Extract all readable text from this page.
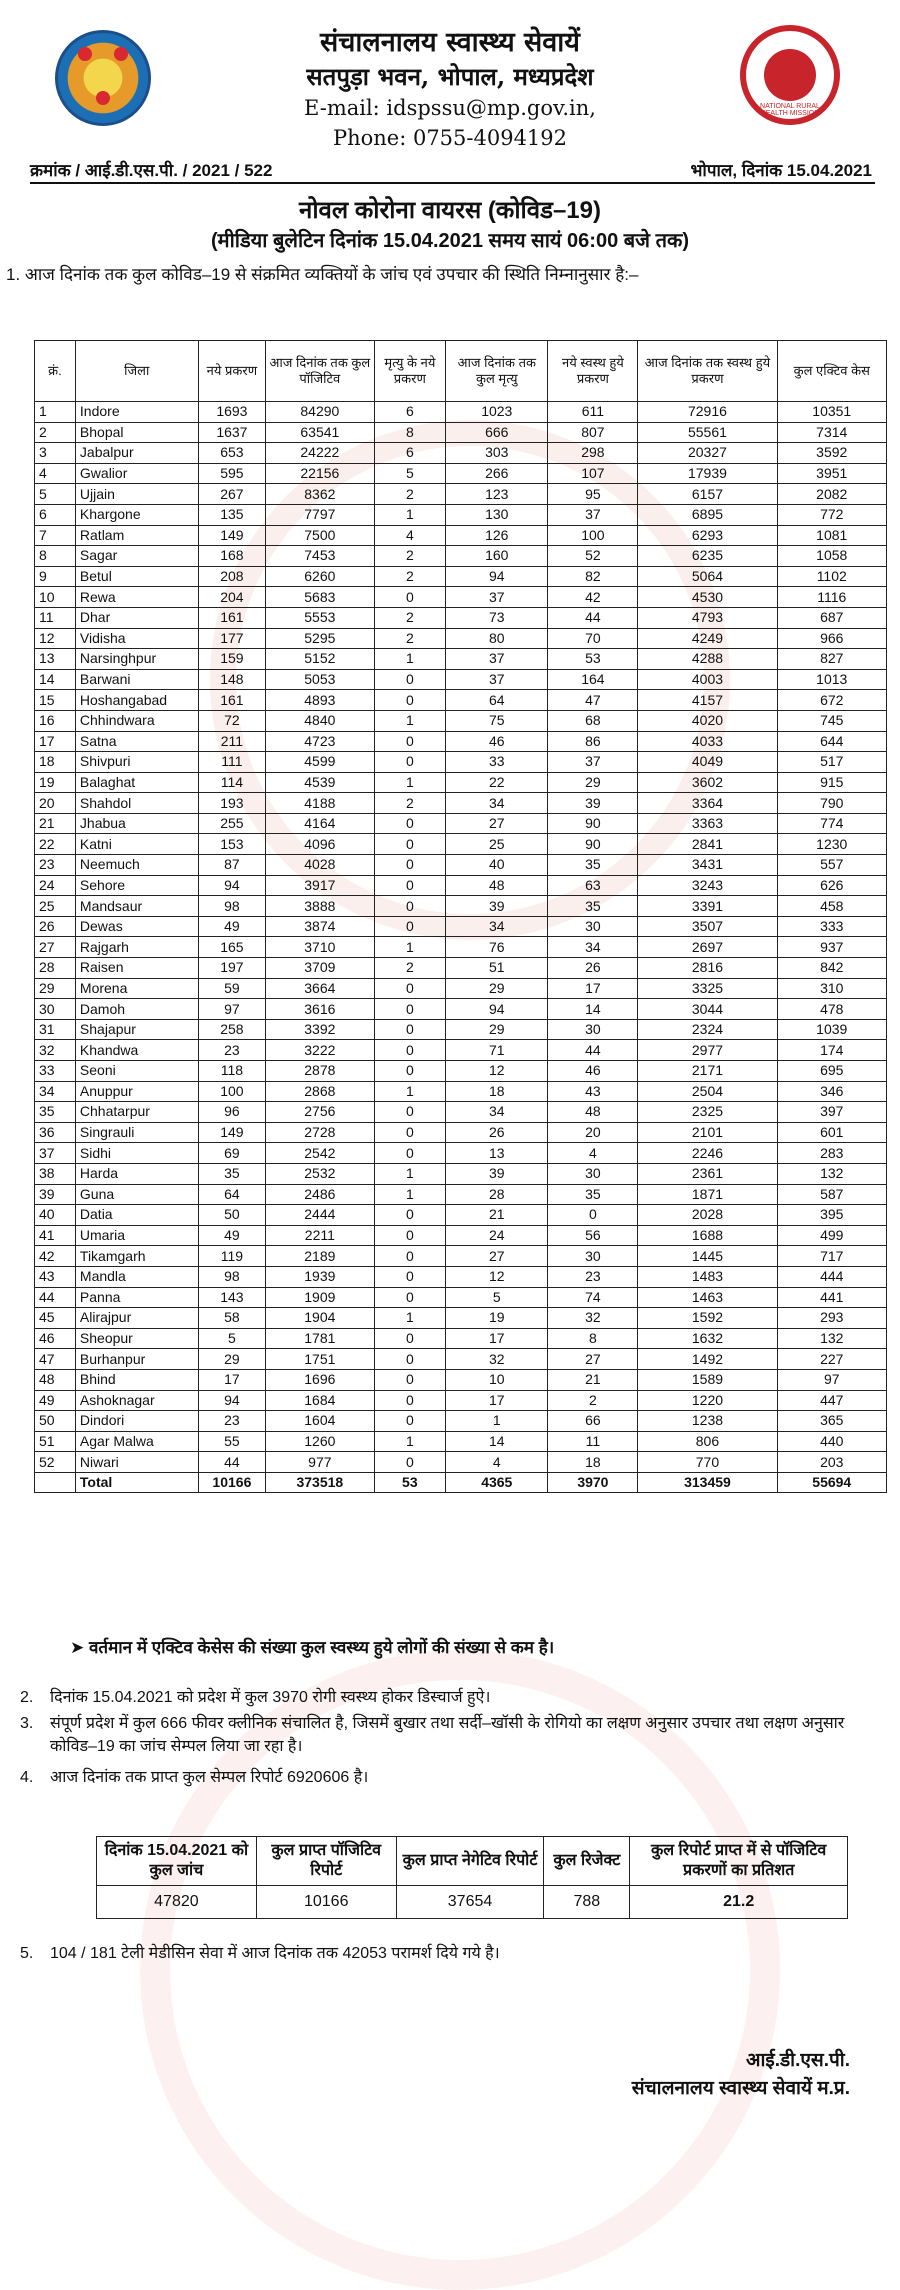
संचालनालय स्वास्थ्य सेवायें
सतपुड़ा भवन, भोपाल, मध्यप्रदेश
E-mail: idspssu@mp.gov.in,
Phone: 0755-4094192
NATIONAL RURAL HEALTH MISSION
क्रमांक / आई.डी.एस.पी. / 2021 / 522	भोपाल, दिनांक 15.04.2021
नोवल कोरोना वायरस (कोविड–19)
(मीडिया बुलेटिन दिनांक 15.04.2021 समय सायं 06:00 बजे तक)
1. आज दिनांक तक कुल कोविड–19 से संक्रमित व्यक्तियों के जांच एवं उपचार की स्थिति निम्नानुसार है:–
क्रं.	जिला	नये प्रकरण	आज दिनांक तक कुल पॉजिटिव	मृत्यु के नये प्रकरण	आज दिनांक तक कुल मृत्यु	नये स्वस्थ हुये प्रकरण	आज दिनांक तक स्वस्थ हुये प्रकरण	कुल एक्टिव केस
1	Indore	1693	84290	6	1023	611	72916	10351
2	Bhopal	1637	63541	8	666	807	55561	7314
3	Jabalpur	653	24222	6	303	298	20327	3592
4	Gwalior	595	22156	5	266	107	17939	3951
5	Ujjain	267	8362	2	123	95	6157	2082
6	Khargone	135	7797	1	130	37	6895	772
7	Ratlam	149	7500	4	126	100	6293	1081
8	Sagar	168	7453	2	160	52	6235	1058
9	Betul	208	6260	2	94	82	5064	1102
10	Rewa	204	5683	0	37	42	4530	1116
11	Dhar	161	5553	2	73	44	4793	687
12	Vidisha	177	5295	2	80	70	4249	966
13	Narsinghpur	159	5152	1	37	53	4288	827
14	Barwani	148	5053	0	37	164	4003	1013
15	Hoshangabad	161	4893	0	64	47	4157	672
16	Chhindwara	72	4840	1	75	68	4020	745
17	Satna	211	4723	0	46	86	4033	644
18	Shivpuri	111	4599	0	33	37	4049	517
19	Balaghat	114	4539	1	22	29	3602	915
20	Shahdol	193	4188	2	34	39	3364	790
21	Jhabua	255	4164	0	27	90	3363	774
22	Katni	153	4096	0	25	90	2841	1230
23	Neemuch	87	4028	0	40	35	3431	557
24	Sehore	94	3917	0	48	63	3243	626
25	Mandsaur	98	3888	0	39	35	3391	458
26	Dewas	49	3874	0	34	30	3507	333
27	Rajgarh	165	3710	1	76	34	2697	937
28	Raisen	197	3709	2	51	26	2816	842
29	Morena	59	3664	0	29	17	3325	310
30	Damoh	97	3616	0	94	14	3044	478
31	Shajapur	258	3392	0	29	30	2324	1039
32	Khandwa	23	3222	0	71	44	2977	174
33	Seoni	118	2878	0	12	46	2171	695
34	Anuppur	100	2868	1	18	43	2504	346
35	Chhatarpur	96	2756	0	34	48	2325	397
36	Singrauli	149	2728	0	26	20	2101	601
37	Sidhi	69	2542	0	13	4	2246	283
38	Harda	35	2532	1	39	30	2361	132
39	Guna	64	2486	1	28	35	1871	587
40	Datia	50	2444	0	21	0	2028	395
41	Umaria	49	2211	0	24	56	1688	499
42	Tikamgarh	119	2189	0	27	30	1445	717
43	Mandla	98	1939	0	12	23	1483	444
44	Panna	143	1909	0	5	74	1463	441
45	Alirajpur	58	1904	1	19	32	1592	293
46	Sheopur	5	1781	0	17	8	1632	132
47	Burhanpur	29	1751	0	32	27	1492	227
48	Bhind	17	1696	0	10	21	1589	97
49	Ashoknagar	94	1684	0	17	2	1220	447
50	Dindori	23	1604	0	1	66	1238	365
51	Agar Malwa	55	1260	1	14	11	806	440
52	Niwari	44	977	0	4	18	770	203
	Total	10166	373518	53	4365	3970	313459	55694
➤ वर्तमान में एक्टिव केसेस की संख्या कुल स्वस्थ्य हुये लोगों की संख्या से कम है।
2. दिनांक 15.04.2021 को प्रदेश में कुल 3970 रोगी स्वस्थ्य होकर डिस्चार्ज हुऐ।
3. संपूर्ण प्रदेश में कुल 666 फीवर क्लीनिक संचालित है, जिसमें बुखार तथा सर्दी–खॉसी के रोगियो का लक्षण अनुसार उपचार तथा लक्षण अनुसार कोविड–19 का जांच सेम्पल लिया जा रहा है।
4. आज दिनांक तक प्राप्त कुल सेम्पल रिपोर्ट 6920606 है।
दिनांक 15.04.2021 को कुल जांच	कुल प्राप्त पॉजिटिव रिपोर्ट	कुल प्राप्त नेगेटिव रिपोर्ट	कुल रिजेक्ट	कुल रिपोर्ट प्राप्त में से पॉजिटिव प्रकरणों का प्रतिशत
47820	10166	37654	788	21.2
5. 104 / 181 टेली मेडीसिन सेवा में आज दिनांक तक 42053 परामर्श दिये गये है।
आई.डी.एस.पी.
संचालनालय स्वास्थ्य सेवायें म.प्र.
